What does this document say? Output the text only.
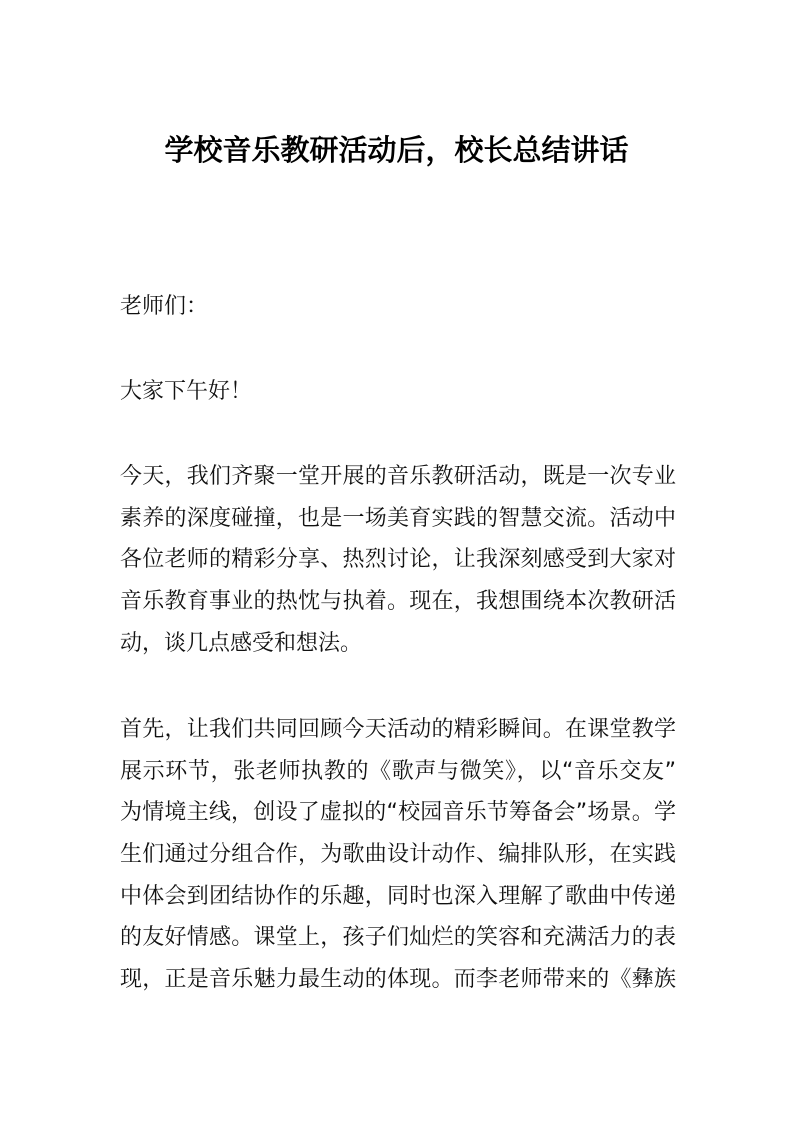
学校音乐教研活动后，校长总结讲话
老师们：
大家下午好！
今天，我们齐聚一堂开展的音乐教研活动，既是一次专业
素养的深度碰撞，也是一场美育实践的智慧交流。活动中
各位老师的精彩分享、热烈讨论，让我深刻感受到大家对
音乐教育事业的热忱与执着。现在，我想围绕本次教研活
动，谈几点感受和想法。
首先，让我们共同回顾今天活动的精彩瞬间。在课堂教学
展示环节，张老师执教的《歌声与微笑》，以“音乐交友”
为情境主线，创设了虚拟的“校园音乐节筹备会”场景。学
生们通过分组合作，为歌曲设计动作、编排队形，在实践
中体会到团结协作的乐趣，同时也深入理解了歌曲中传递
的友好情感。课堂上，孩子们灿烂的笑容和充满活力的表
现，正是音乐魅力最生动的体现。而李老师带来的《彝族
